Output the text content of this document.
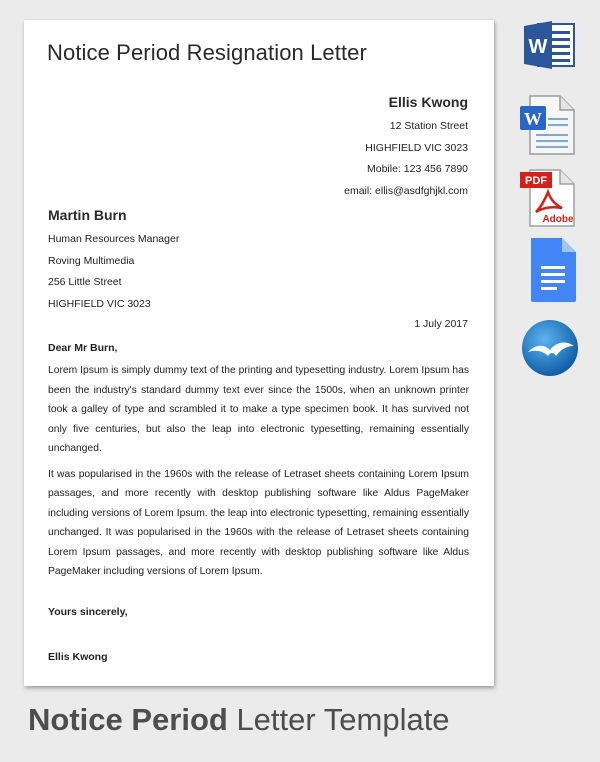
Notice Period Resignation Letter
Ellis Kwong
12 Station Street
HIGHFIELD VIC 3023
Mobile: 123 456 7890
email: ellis@asdfghjkl.com
Martin Burn
Human Resources Manager
Roving Multimedia
256 Little Street
HIGHFIELD VIC 3023
1 July 2017
Dear Mr Burn,

Lorem Ipsum is simply dummy text of the printing and typesetting industry. Lorem Ipsum has been the industry's standard dummy text ever since the 1500s, when an unknown printer took a galley of type and scrambled it to make a type specimen book. It has survived not only five centuries, but also the leap into electronic typesetting, remaining essentially unchanged.

It was popularised in the 1960s with the release of Letraset sheets containing Lorem Ipsum passages, and more recently with desktop publishing software like Aldus PageMaker including versions of Lorem Ipsum. the leap into electronic typesetting, remaining essentially unchanged. It was popularised in the 1960s with the release of Letraset sheets containing Lorem Ipsum passages, and more recently with desktop publishing software like Aldus PageMaker including versions of Lorem Ipsum.

Yours sincerely,
Ellis Kwong
Notice Period Letter Template
W
W
PDF
Adobe
